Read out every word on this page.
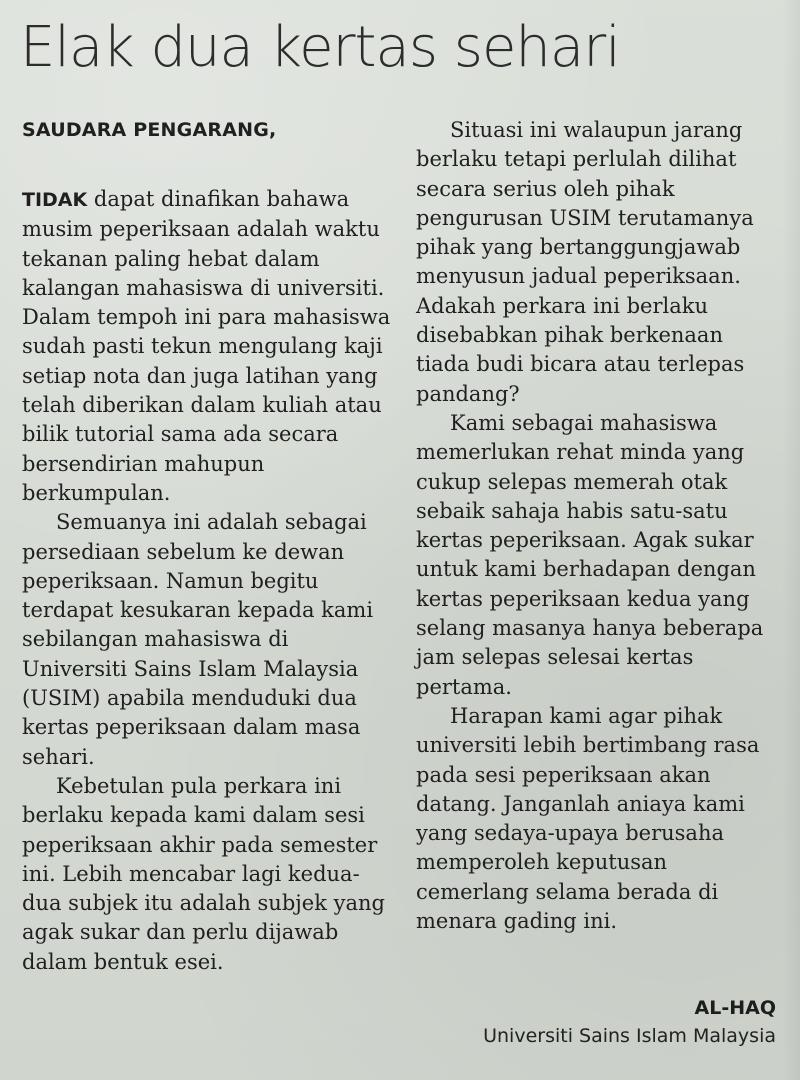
Elak dua kertas sehari

SAUDARA PENGARANG,

TIDAK dapat dinafikan bahawa musim peperiksaan adalah waktu tekanan paling hebat dalam kalangan mahasiswa di universiti. Dalam tempoh ini para mahasiswa sudah pasti tekun mengulang kaji setiap nota dan juga latihan yang telah diberikan dalam kuliah atau bilik tutorial sama ada secara bersendirian mahupun berkumpulan.

Semuanya ini adalah sebagai persediaan sebelum ke dewan peperiksaan. Namun begitu terdapat kesukaran kepada kami sebilangan mahasiswa di Universiti Sains Islam Malaysia (USIM) apabila menduduki dua kertas peperiksaan dalam masa sehari.

Kebetulan pula perkara ini berlaku kepada kami dalam sesi peperiksaan akhir pada semester ini. Lebih mencabar lagi kedua-dua subjek itu adalah subjek yang agak sukar dan perlu dijawab dalam bentuk esei.

Situasi ini walaupun jarang berlaku tetapi perlulah dilihat secara serius oleh pihak pengurusan USIM terutamanya pihak yang bertanggungjawab menyusun jadual peperiksaan.

Adakah perkara ini berlaku disebabkan pihak berkenaan tiada budi bicara atau terlepas pandang?

Kami sebagai mahasiswa memerlukan rehat minda yang cukup selepas memerah otak sebaik sahaja habis satu-satu kertas peperiksaan. Agak sukar untuk kami berhadapan dengan kertas peperiksaan kedua yang selang masanya hanya beberapa jam selepas selesai kertas pertama.

Harapan kami agar pihak universiti lebih bertimbang rasa pada sesi peperiksaan akan datang. Janganlah aniaya kami yang sedaya-upaya berusaha memperoleh keputusan cemerlang selama berada di menara gading ini.

AL-HAQ

Universiti Sains Islam Malaysia
